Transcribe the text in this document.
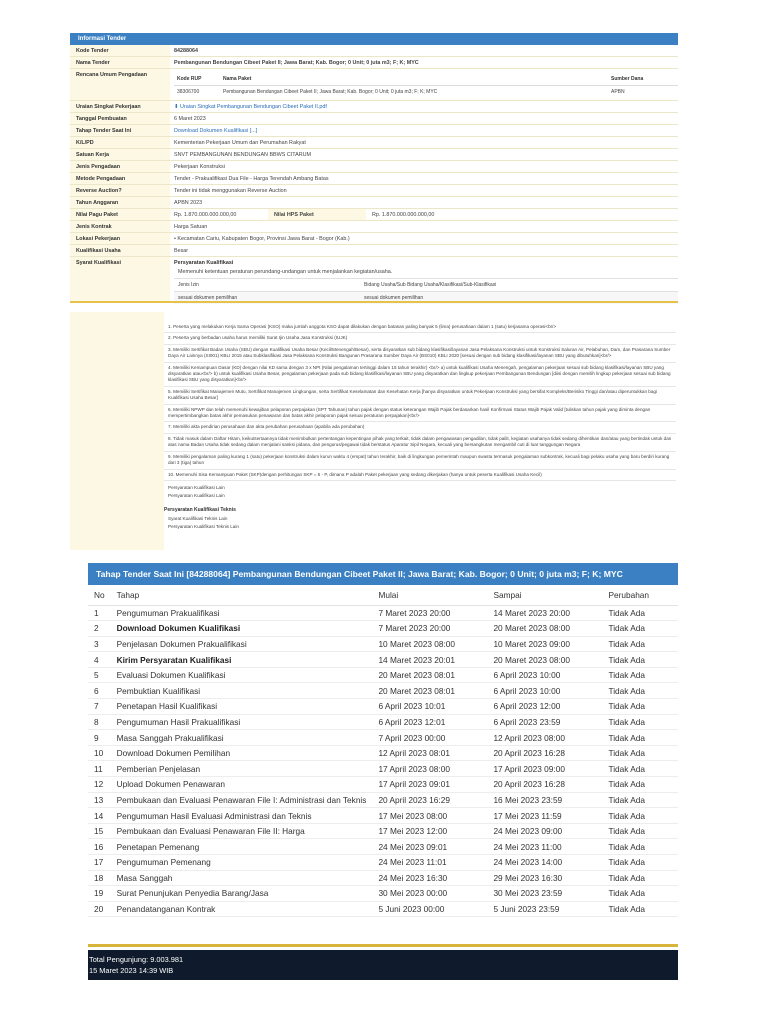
Informasi Tender
Kode Tender	84288064
Nama Tender	Pembangunan Bendungan Cibeet Paket II; Jawa Barat; Kab. Bogor; 0 Unit; 0 juta m3; F; K; MYC
Rencana Umum Pengadaan
Kode RUP	Nama Paket	Sumber Dana
38306700	Pembangunan Bendungan Cibeet Paket II; Jawa Barat; Kab. Bogor; 0 Unit; 0 juta m3; F; K; MYC	APBN
Uraian Singkat Pekerjaan	⬇ Uraian Singkat Pembangunan Bendungan Cibeet Paket II.pdf
Tanggal Pembuatan	6 Maret 2023
Tahap Tender Saat Ini	Download Dokumen Kualifikasi [...]
K/L/PD	Kementerian Pekerjaan Umum dan Perumahan Rakyat
Satuan Kerja	SNVT PEMBANGUNAN BENDUNGAN BBWS CITARUM
Jenis Pengadaan	Pekerjaan Konstruksi
Metode Pengadaan	Tender - Prakualifikasi Dua File - Harga Terendah Ambang Batas
Reverse Auction?	Tender ini tidak menggunakan Reverse Auction
Tahun Anggaran	APBN 2023
Nilai Pagu Paket	Rp. 1.870.000.000.000,00	Nilai HPS Paket	Rp. 1.870.000.000.000,00
Jenis Kontrak	Harga Satuan
Lokasi Pekerjaan	• Kecamatan Cariu, Kabupaten Bogor, Provinsi Jawa Barat - Bogor (Kab.)
Kualifikasi Usaha	Besar
Syarat Kualifikasi	Persyaratan Kualifikasi
Memenuhi ketentuan peraturan perundang-undangan untuk menjalankan kegiatan/usaha.
Jenis Izin	Bidang Usaha/Sub Bidang Usaha/Klasifikasi/Sub-Klasifikasi
sesuai dokumen pemilihan	sesuai dokumen pemilihan
1. Peserta yang melakukan Kerja Sama Operasi (KSO) maka jumlah anggota KSO dapat dilakukan dengan batasan paling banyak 5 (lima) perusahaan dalam 1 (satu) kerjasama operasi<br/>
2. Peserta yang berbadan usaha harus memiliki Surat Ijin Usaha Jasa Konstruksi (IUJK)
3. Memiliki Sertifikat Badan Usaha (SBU) dengan Kualifikasi Usaha Besar (Kecil/Menengah/Besar), serta disyaratkan sub bidang klasifikasi/layanan Jasa Pelaksana Konstruksi untuk Konstruksi Saluran Air, Pelabuhan, Dam, dan Prasarana Sumber Daya Air Lainnya (SI001) KBLI 2015 atau Subklasifikasi Jasa Pelaksana Konstruksi Bangunan Prasarana Sumber Daya Air (BS010) KBLI 2020 [sesuai dengan sub bidang klasifikasi/layanan SBU yang dibutuhkan]<br/>
4. Memiliki Kemampuan Dasar (KD) dengan nilai KD sama dengan 3 x NPt (Nilai pengalaman tertinggi dalam 15 tahun terakhir) <br/> a) untuk kualifikasi Usaha Menengah, pengalaman pekerjaan sesuai sub bidang klasifikasi/layanan SBU yang disyaratkan atau<br/> b) untuk kualifikasi Usaha Besar, pengalaman pekerjaan pada sub bidang klasifikasi/layanan SBU yang disyaratkan dan lingkup pekerjaan Pembangunan Bendungan [diisi dengan memilih lingkup pekerjaan sesuai sub bidang klasifikasi SBU yang disyaratkan]<br/>
5. Memiliki Sertifikat Manajemen Mutu, Sertifikat Manajemen Lingkungan, serta Sertifikat Keselamatan dan Kesehatan Kerja [hanya disyaratkan untuk Pekerjaan Konstruksi yang bersifat Kompleks/Berisiko Tinggi dan/atau diperuntukkan bagi Kualifikasi Usaha Besar]
6. Memiliki NPWP dan telah memenuhi kewajiban pelaporan perpajakan (SPT Tahunan) tahun pajak dengan status keterangan Wajib Pajak berdasarkan hasil Konfirmasi Status Wajib Pajak Valid [tuliskan tahun pajak yang diminta dengan mempertimbangkan batas akhir pemasukan penawaran dan batas akhir pelaporan pajak sesuai peraturan perpajakan]<br/>
7. Memiliki akta pendirian perusahaan dan akta perubahan perusahaan (apabila ada perubahan)
8. Tidak masuk dalam Daftar Hitam, keikutsertaannya tidak menimbulkan pertentangan kepentingan pihak yang terkait, tidak dalam pengawasan pengadilan, tidak pailit, kegiatan usahanya tidak sedang dihentikan dan/atau yang bertindak untuk dan atas nama Badan Usaha tidak sedang dalam menjalani sanksi pidana, dan pengurus/pegawai tidak berstatus Aparatur Sipil Negara, kecuali yang bersangkutan mengambil cuti di luar tanggungan Negara
9. Memiliki pengalaman paling kurang 1 (satu) pekerjaan konstruksi dalam kurun waktu 4 (empat) tahun terakhir, baik di lingkungan pemerintah maupun swasta termasuk pengalaman subkontrak, kecuali bagi pelaku usaha yang baru berdiri kurang dari 3 (tiga) tahun
10. Memenuhi Sisa Kemampuan Paket (SKP)dengan perhitungan SKP = 5 - P, dimana P adalah Paket pekerjaan yang sedang dikerjakan (hanya untuk peserta Kualifikasi Usaha Kecil)
Persyaratan Kualifikasi Lain
Persyaratan Kualifikasi Lain
Persyaratan Kualifikasi Teknis
Syarat Kualifikasi Teknis Lain
Persyaratan Kualifikasi Teknis Lain
Tahap Tender Saat Ini [84288064] Pembangunan Bendungan Cibeet Paket II; Jawa Barat; Kab. Bogor; 0 Unit; 0 juta m3; F; K; MYC
No	Tahap	Mulai	Sampai	Perubahan
1	Pengumuman Prakualifikasi	7 Maret 2023 20:00	14 Maret 2023 20:00	Tidak Ada
2	Download Dokumen Kualifikasi	7 Maret 2023 20:00	20 Maret 2023 08:00	Tidak Ada
3	Penjelasan Dokumen Prakualifikasi	10 Maret 2023 08:00	10 Maret 2023 09:00	Tidak Ada
4	Kirim Persyaratan Kualifikasi	14 Maret 2023 20:01	20 Maret 2023 08:00	Tidak Ada
5	Evaluasi Dokumen Kualifikasi	20 Maret 2023 08:01	6 April 2023 10:00	Tidak Ada
6	Pembuktian Kualifikasi	20 Maret 2023 08:01	6 April 2023 10:00	Tidak Ada
7	Penetapan Hasil Kualifikasi	6 April 2023 10:01	6 April 2023 12:00	Tidak Ada
8	Pengumuman Hasil Prakualifikasi	6 April 2023 12:01	6 April 2023 23:59	Tidak Ada
9	Masa Sanggah Prakualifikasi	7 April 2023 00:00	12 April 2023 08:00	Tidak Ada
10	Download Dokumen Pemilihan	12 April 2023 08:01	20 April 2023 16:28	Tidak Ada
11	Pemberian Penjelasan	17 April 2023 08:00	17 April 2023 09:00	Tidak Ada
12	Upload Dokumen Penawaran	17 April 2023 09:01	20 April 2023 16:28	Tidak Ada
13	Pembukaan dan Evaluasi Penawaran File I: Administrasi dan Teknis	20 April 2023 16:29	16 Mei 2023 23:59	Tidak Ada
14	Pengumuman Hasil Evaluasi Administrasi dan Teknis	17 Mei 2023 08:00	17 Mei 2023 11:59	Tidak Ada
15	Pembukaan dan Evaluasi Penawaran File II: Harga	17 Mei 2023 12:00	24 Mei 2023 09:00	Tidak Ada
16	Penetapan Pemenang	24 Mei 2023 09:01	24 Mei 2023 11:00	Tidak Ada
17	Pengumuman Pemenang	24 Mei 2023 11:01	24 Mei 2023 14:00	Tidak Ada
18	Masa Sanggah	24 Mei 2023 16:30	29 Mei 2023 16:30	Tidak Ada
19	Surat Penunjukan Penyedia Barang/Jasa	30 Mei 2023 00:00	30 Mei 2023 23:59	Tidak Ada
20	Penandatanganan Kontrak	5 Juni 2023 00:00	5 Juni 2023 23:59	Tidak Ada
Total Pengunjung: 9.003.981
15 Maret 2023 14:39 WIB
